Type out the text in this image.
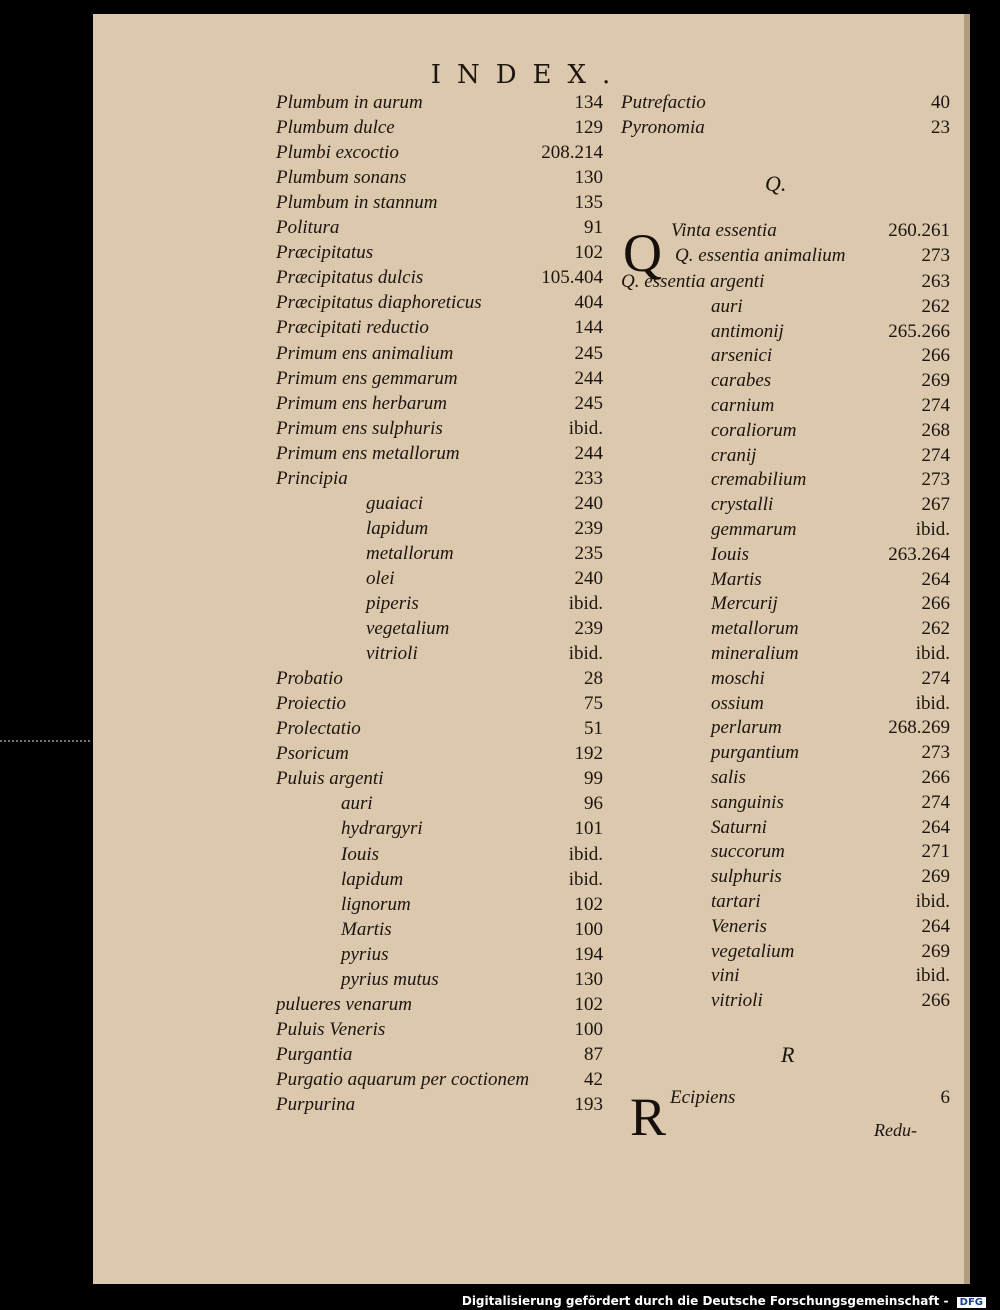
INDEX.
Plumbum in aurum	134
Plumbum dulce	129
Plumbi excoctio	208.214
Plumbum sonans	130
Plumbum in stannum	135
Politura	91
Præcipitatus	102
Præcipitatus dulcis	105.404
Præcipitatus diaphoreticus	404
Præcipitati reductio	144
Primum ens animalium	245
Primum ens gemmarum	244
Primum ens herbarum	245
Primum ens sulphuris	ibid.
Primum ens metallorum	244
Principia	233
guaiaci	240
lapidum	239
metallorum	235
olei	240
piperis	ibid.
vegetalium	239
vitrioli	ibid.
Probatio	28
Proiectio	75
Prolectatio	51
Psoricum	192
Puluis argenti	99
auri	96
hydrargyri	101
Iouis	ibid.
lapidum	ibid.
lignorum	102
Martis	100
pyrius	194
pyrius mutus	130
pulueres venarum	102
Puluis Veneris	100
Purgantia	87
Purgatio aquarum per coctionem	42
Purpurina	193
Q.
Q
R
R	Redu-
Putrefactio	40
Pyronomia	23
Vinta essentia	260.261
Q. essentia animalium	273
Q. essentia argenti	263
auri	262
antimonij	265.266
arsenici	266
carabes	269
carnium	274
coraliorum	268
cranij	274
cremabilium	273
crystalli	267
gemmarum	ibid.
Iouis	263.264
Martis	264
Mercurij	266
metallorum	262
mineralium	ibid.
moschi	274
ossium	ibid.
perlarum	268.269
purgantium	273
salis	266
sanguinis	274
Saturni	264
succorum	271
sulphuris	269
tartari	ibid.
Veneris	264
vegetalium	269
vini	ibid.
vitrioli	266
Ecipiens	6
Digitalisierung gefördert durch die Deutsche Forschungsgemeinschaft - DFG
